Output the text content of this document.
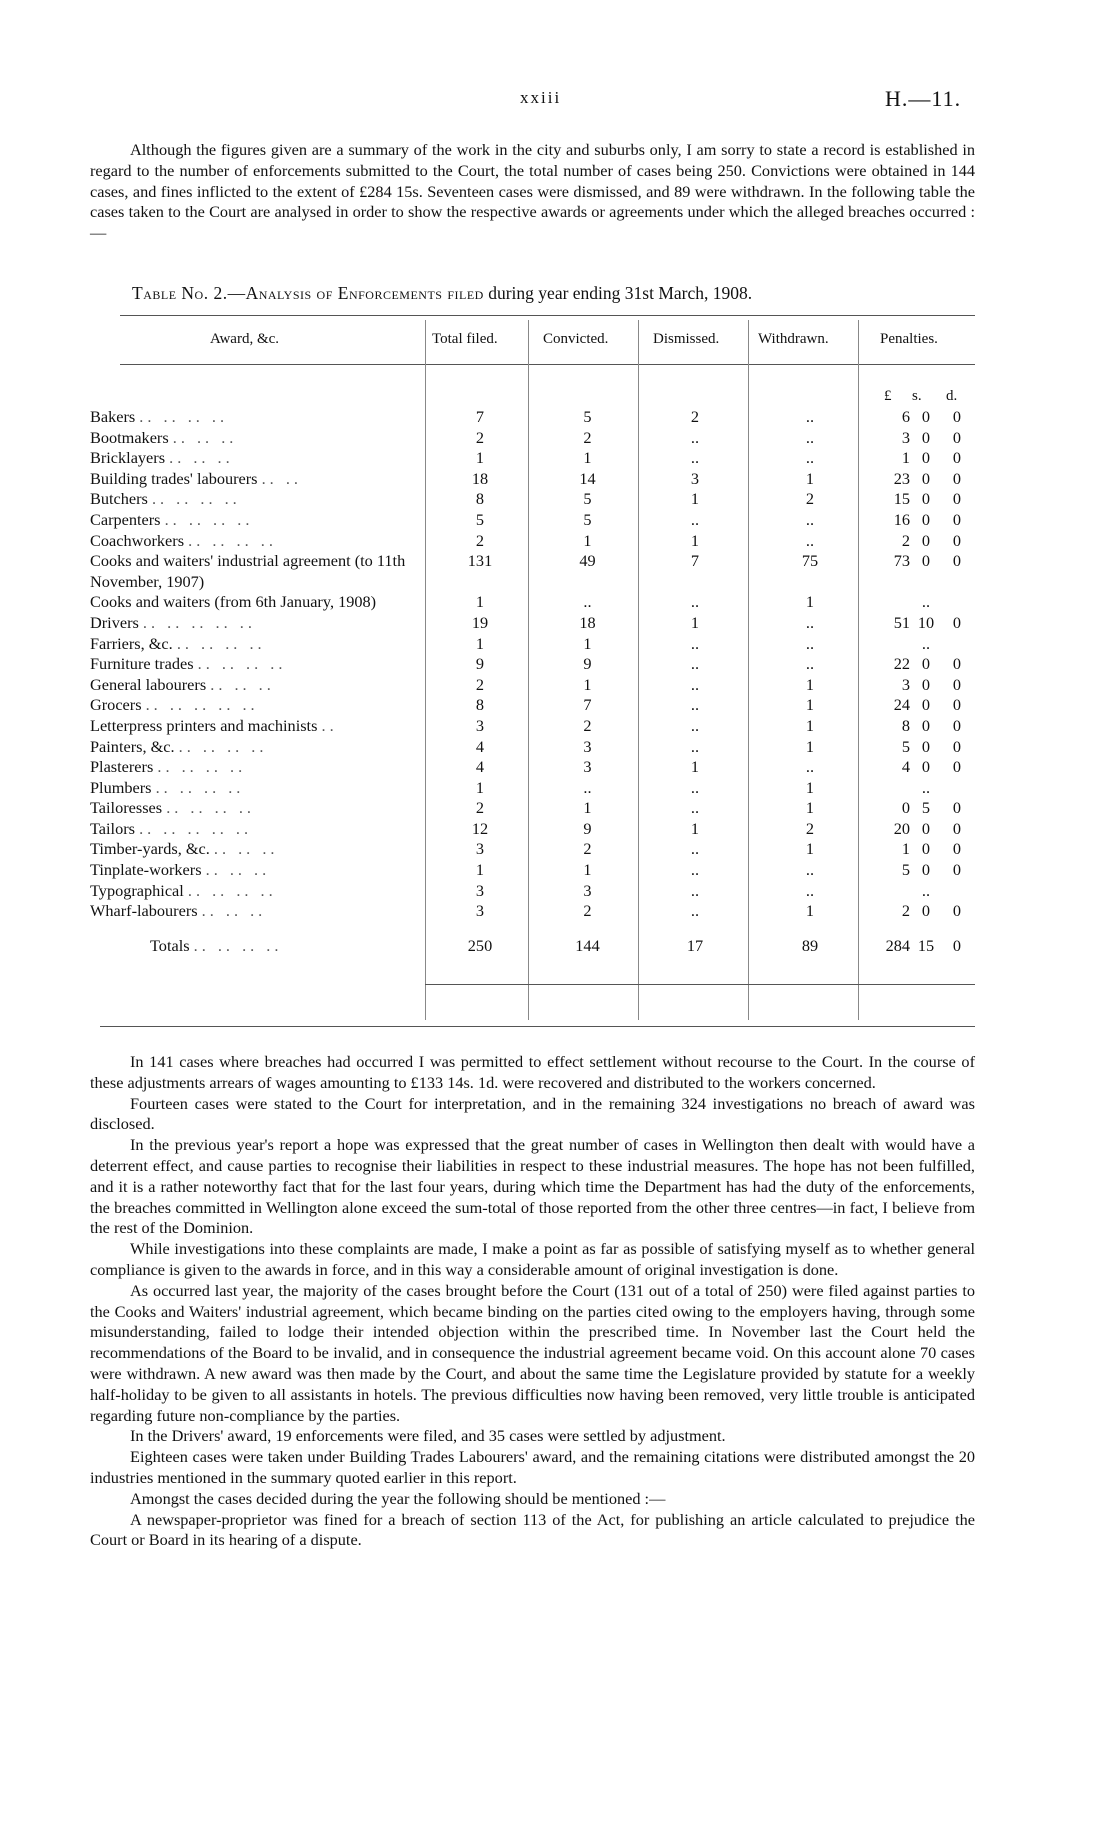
xxiii	H.—11.

Although the figures given are a summary of the work in the city and suburbs only, I am sorry to state a record is established in regard to the number of enforcements submitted to the Court, the total number of cases being 250. Convictions were obtained in 144 cases, and fines inflicted to the extent of £284 15s. Seventeen cases were dismissed, and 89 were withdrawn. In the following table the cases taken to the Court are analysed in order to show the respective awards or agreements under which the alleged breaches occurred :—

Table No. 2.—Analysis of Enforcements filed during year ending 31st March, 1908.
Award, &c.	Total filed.	Convicted.	Dismissed.	Withdrawn.	Penalties.
£ s. d.
Bakers .. .. .. ..	7	5	2	..	6	0	0
Bootmakers .. .. ..	2	2	..	..	3	0	0
Bricklayers .. .. ..	1	1	..	..	1	0	0
Building trades' labourers .. ..	18	14	3	1	23	0	0
Butchers .. .. .. ..	8	5	1	2	15	0	0
Carpenters .. .. .. ..	5	5	..	..	16	0	0
Coachworkers .. .. .. ..	2	1	1	..	2	0	0
Cooks and waiters' industrial agreement (to 11th November, 1907)	131	49	7	75	73	0	0
Cooks and waiters (from 6th January, 1908)	1	..	..	1		..	
Drivers .. .. .. .. ..	19	18	1	..	51	10	0
Farriers, &c. .. .. .. ..	1	1	..	..		..	
Furniture trades .. .. .. ..	9	9	..	..	22	0	0
General labourers .. .. ..	2	1	..	1	3	0	0
Grocers .. .. .. .. ..	8	7	..	1	24	0	0
Letterpress printers and machinists ..	3	2	..	1	8	0	0
Painters, &c. .. .. .. ..	4	3	..	1	5	0	0
Plasterers .. .. .. ..	4	3	1	..	4	0	0
Plumbers .. .. .. ..	1	..	..	1		..	
Tailoresses .. .. .. ..	2	1	..	1	0	5	0
Tailors .. .. .. .. ..	12	9	1	2	20	0	0
Timber-yards, &c. .. .. ..	3	2	..	1	1	0	0
Tinplate-workers .. .. ..	1	1	..	..	5	0	0
Typographical .. .. .. ..	3	3	..	..		..	
Wharf-labourers .. .. ..	3	2	..	1	2	0	0
Totals .. .. .. ..	250	144	17	89	284	15	0

In 141 cases where breaches had occurred I was permitted to effect settlement without recourse to the Court. In the course of these adjustments arrears of wages amounting to £133 14s. 1d. were recovered and distributed to the workers concerned.

Fourteen cases were stated to the Court for interpretation, and in the remaining 324 investigations no breach of award was disclosed.

In the previous year's report a hope was expressed that the great number of cases in Wellington then dealt with would have a deterrent effect, and cause parties to recognise their liabilities in respect to these industrial measures. The hope has not been fulfilled, and it is a rather noteworthy fact that for the last four years, during which time the Department has had the duty of the enforcements, the breaches committed in Wellington alone exceed the sum-total of those reported from the other three centres—in fact, I believe from the rest of the Dominion.

While investigations into these complaints are made, I make a point as far as possible of satisfying myself as to whether general compliance is given to the awards in force, and in this way a considerable amount of original investigation is done.

As occurred last year, the majority of the cases brought before the Court (131 out of a total of 250) were filed against parties to the Cooks and Waiters' industrial agreement, which became binding on the parties cited owing to the employers having, through some misunderstanding, failed to lodge their intended objection within the prescribed time. In November last the Court held the recommendations of the Board to be invalid, and in consequence the industrial agreement became void. On this account alone 70 cases were withdrawn. A new award was then made by the Court, and about the same time the Legislature provided by statute for a weekly half-holiday to be given to all assistants in hotels. The previous difficulties now having been removed, very little trouble is anticipated regarding future non-compliance by the parties.

In the Drivers' award, 19 enforcements were filed, and 35 cases were settled by adjustment.

Eighteen cases were taken under Building Trades Labourers' award, and the remaining citations were distributed amongst the 20 industries mentioned in the summary quoted earlier in this report.

Amongst the cases decided during the year the following should be mentioned :—

A newspaper-proprietor was fined for a breach of section 113 of the Act, for publishing an article calculated to prejudice the Court or Board in its hearing of a dispute.
